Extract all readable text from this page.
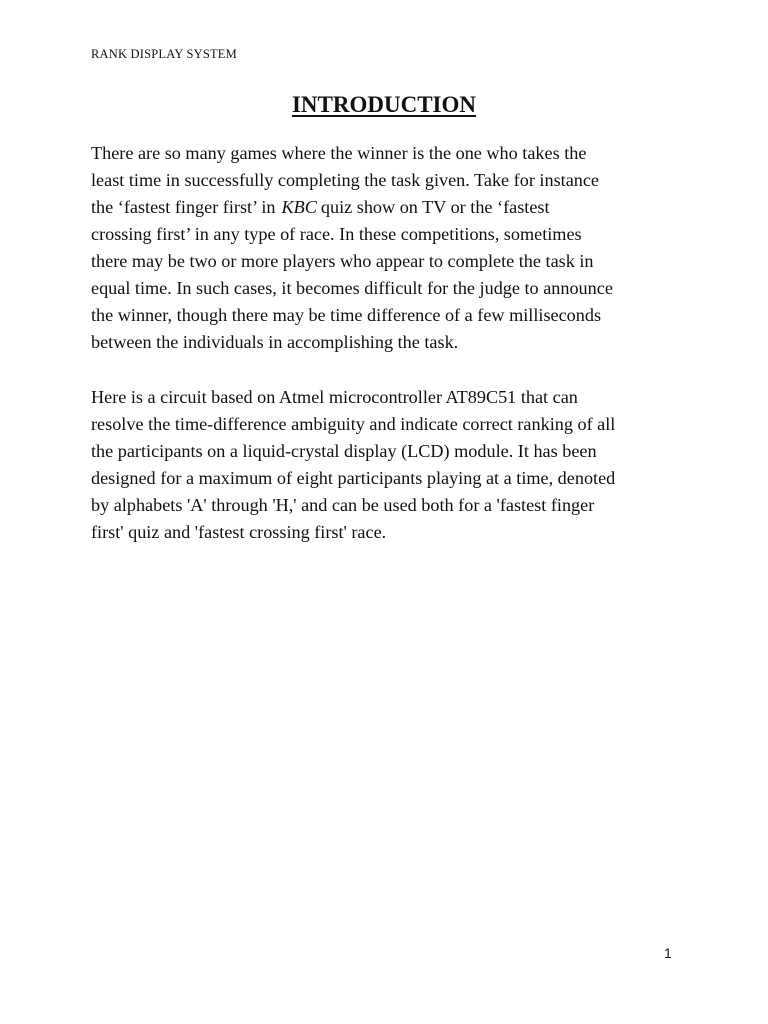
RANK DISPLAY SYSTEM
INTRODUCTION

There are so many games where the winner is the one who takes the
least time in successfully completing the task given. Take for instance
the ‘fastest finger first’ in KBC quiz show on TV or the ‘fastest
crossing first’ in any type of race. In these competitions, sometimes
there may be two or more players who appear to complete the task in
equal time. In such cases, it becomes difficult for the judge to announce
the winner, though there may be time difference of a few milliseconds
between the individuals in accomplishing the task.

Here is a circuit based on Atmel microcontroller AT89C51 that can
resolve the time-difference ambiguity and indicate correct ranking of all
the participants on a liquid-crystal display (LCD) module. It has been
designed for a maximum of eight participants playing at a time, denoted
by alphabets 'A' through 'H,' and can be used both for a 'fastest finger
first' quiz and 'fastest crossing first' race.

1
